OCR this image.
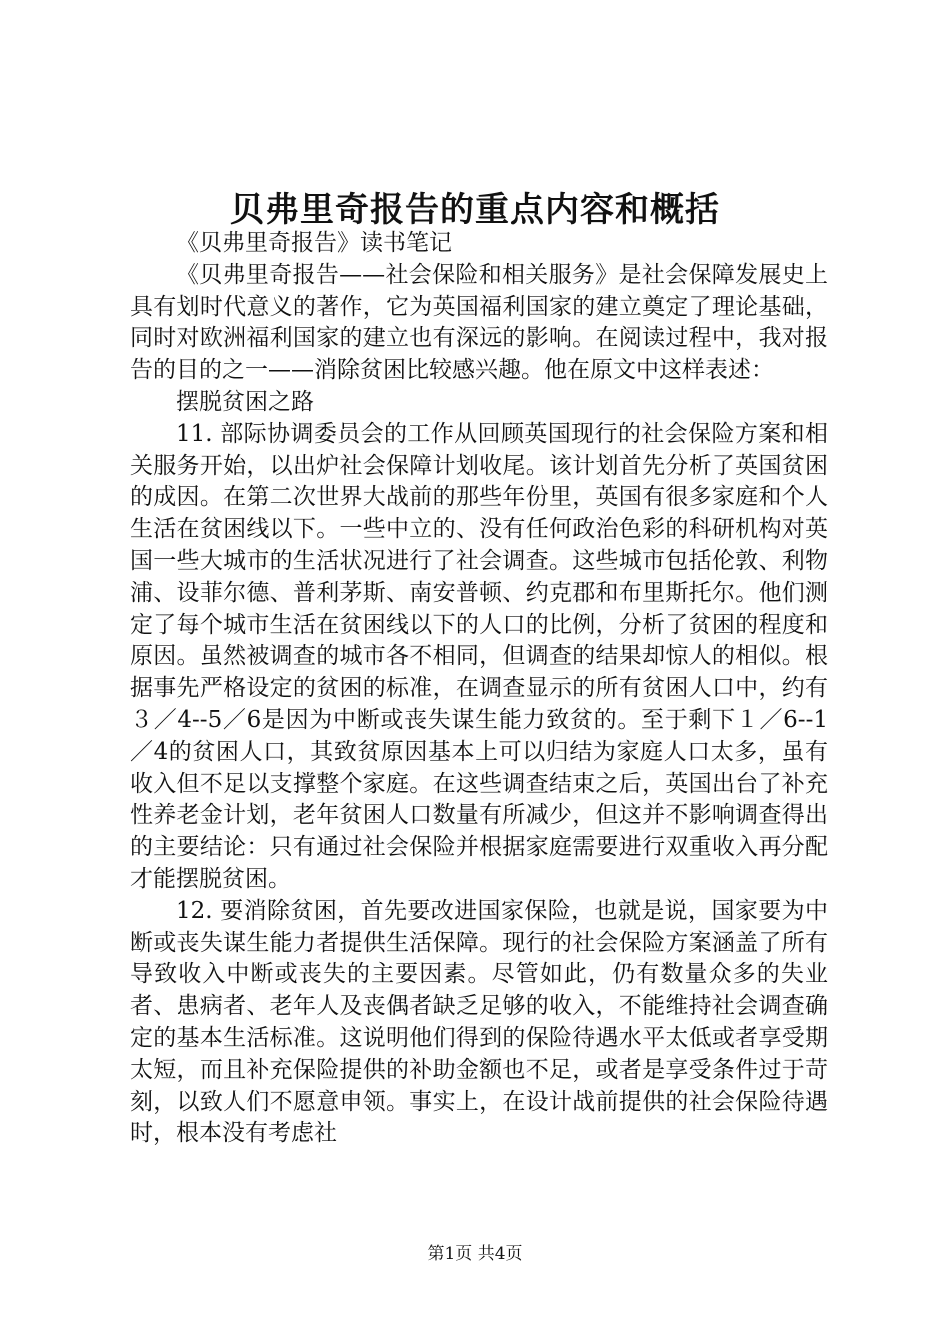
贝弗里奇报告的重点内容和概括

《贝弗里奇报告》读书笔记

《贝弗里奇报告——社会保险和相关服务》是社会保障发展史上具有划时代意义的著作，它为英国福利国家的建立奠定了理论基础，同时对欧洲福利国家的建立也有深远的影响。在阅读过程中，我对报告的目的之一——消除贫困比较感兴趣。他在原文中这样表述：

摆脱贫困之路

11. 部际协调委员会的工作从回顾英国现行的社会保险方案和相关服务开始，以出炉社会保障计划收尾。该计划首先分析了英国贫困的成因。在第二次世界大战前的那些年份里，英国有很多家庭和个人生活在贫困线以下。一些中立的、没有任何政治色彩的科研机构对英国一些大城市的生活状况进行了社会调查。这些城市包括伦敦、利物浦、设菲尔德、普利茅斯、南安普顿、约克郡和布里斯托尔。他们测定了每个城市生活在贫困线以下的人口的比例，分析了贫困的程度和原因。虽然被调查的城市各不相同，但调查的结果却惊人的相似。根据事先严格设定的贫困的标准，在调查显示的所有贫困人口中，约有３／4--5／6是因为中断或丧失谋生能力致贫的。至于剩下１／6--1／4的贫困人口，其致贫原因基本上可以归结为家庭人口太多，虽有收入但不足以支撑整个家庭。在这些调查结束之后，英国出台了补充性养老金计划，老年贫困人口数量有所减少，但这并不影响调查得出的主要结论：只有通过社会保险并根据家庭需要进行双重收入再分配才能摆脱贫困。

12. 要消除贫困，首先要改进国家保险，也就是说，国家要为中断或丧失谋生能力者提供生活保障。现行的社会保险方案涵盖了所有导致收入中断或丧失的主要因素。尽管如此，仍有数量众多的失业者、患病者、老年人及丧偶者缺乏足够的收入，不能维持社会调查确定的基本生活标准。这说明他们得到的保险待遇水平太低或者享受期太短，而且补充保险提供的补助金额也不足，或者是享受条件过于苛刻，以致人们不愿意申领。事实上，在设计战前提供的社会保险待遇时，根本没有考虑社

第1页 共4页
